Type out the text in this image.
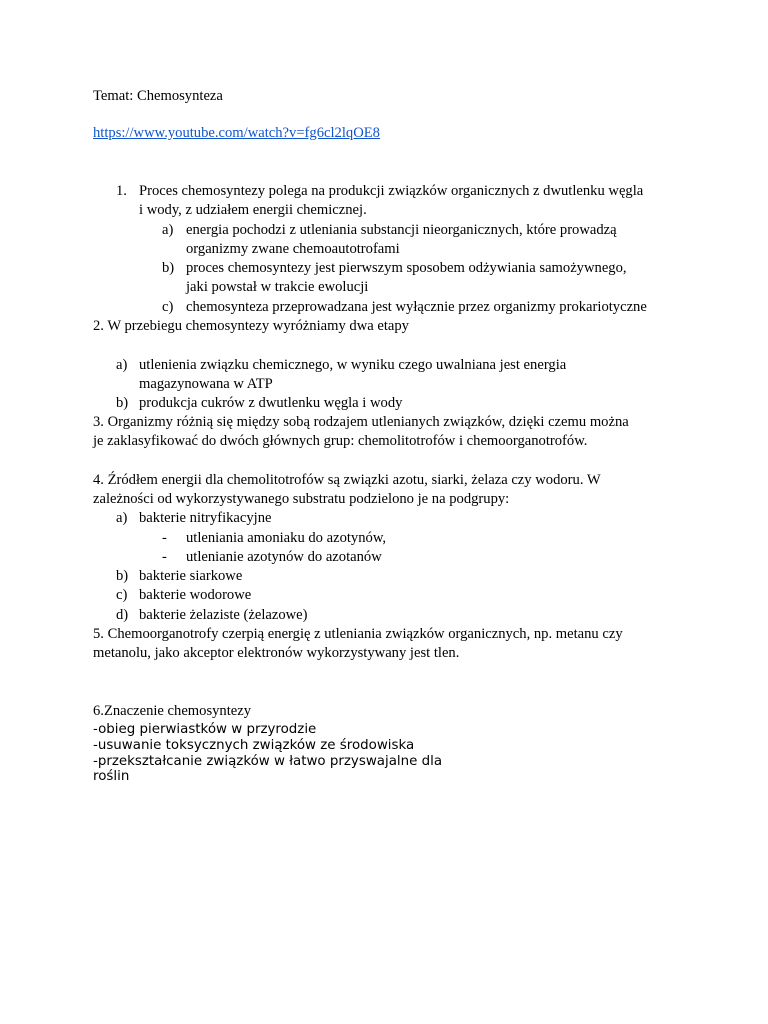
Temat: Chemosynteza
https://www.youtube.com/watch?v=fg6cl2lqOE8
1. Proces chemosyntezy polega na produkcji związków organicznych z dwutlenku węgla
i wody, z udziałem energii chemicznej.
a) energia pochodzi z utleniania substancji nieorganicznych, które prowadzą
organizmy zwane chemoautotrofami
b) proces chemosyntezy jest pierwszym sposobem odżywiania samożywnego,
jaki powstał w trakcie ewolucji
c) chemosynteza przeprowadzana jest wyłącznie przez organizmy prokariotyczne
2. W przebiegu chemosyntezy wyróżniamy dwa etapy
a) utlenienia związku chemicznego, w wyniku czego uwalniana jest energia
magazynowana w ATP
b) produkcja cukrów z dwutlenku węgla i wody
3. Organizmy różnią się między sobą rodzajem utlenianych związków, dzięki czemu można
je zaklasyfikować do dwóch głównych grup: chemolitotrofów i chemoorganotrofów.
4. Źródłem energii dla chemolitotrofów są związki azotu, siarki, żelaza czy wodoru. W
zależności od wykorzystywanego substratu podzielono je na podgrupy:
a) bakterie nitryfikacyjne
- utleniania amoniaku do azotynów,
- utlenianie azotynów do azotanów
b) bakterie siarkowe
c) bakterie wodorowe
d) bakterie żelaziste (żelazowe)
5. Chemoorganotrofy czerpią energię z utleniania związków organicznych, np. metanu czy
metanolu, jako akceptor elektronów wykorzystywany jest tlen.
6.Znaczenie chemosyntezy
-obieg pierwiastków w przyrodzie
-usuwanie toksycznych związków ze środowiska
-przekształcanie związków w łatwo przyswajalne dla
roślin
